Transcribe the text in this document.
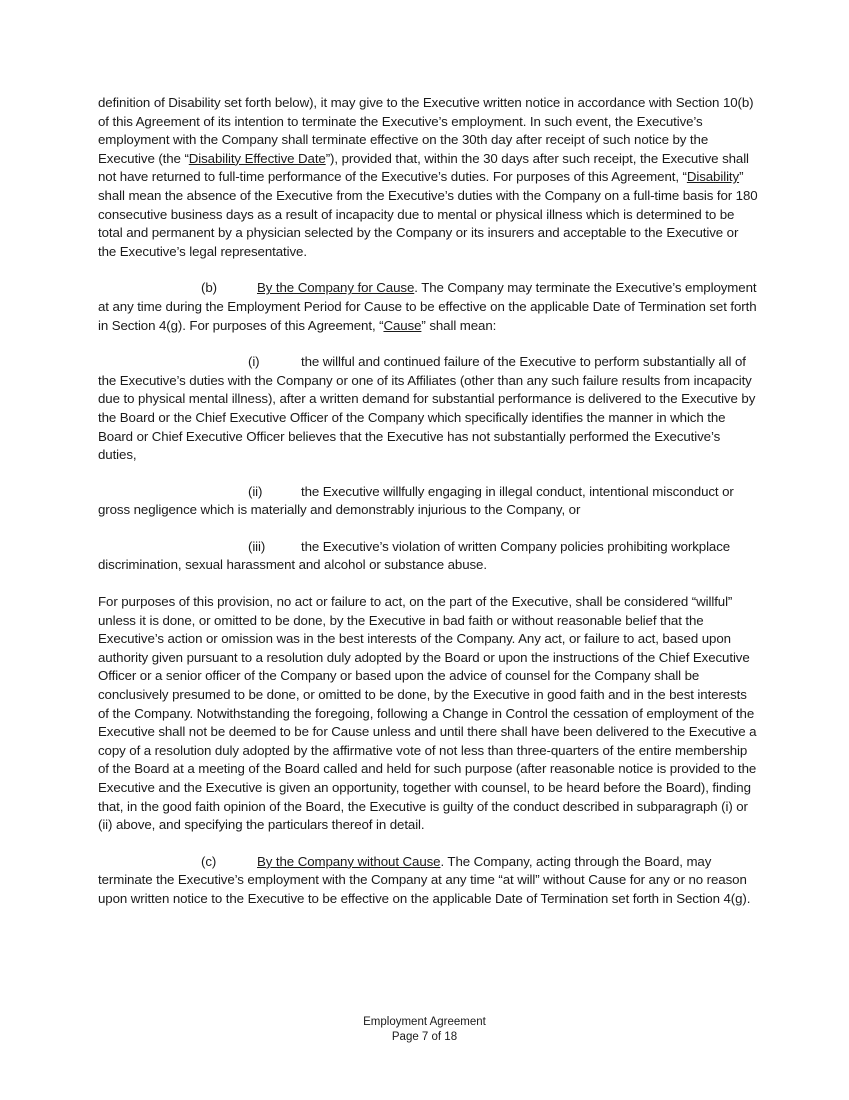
definition of Disability set forth below), it may give to the Executive written notice in accordance with Section 10(b) of this Agreement of its intention to terminate the Executive’s employment. In such event, the Executive’s employment with the Company shall terminate effective on the 30th day after receipt of such notice by the Executive (the “Disability Effective Date”), provided that, within the 30 days after such receipt, the Executive shall not have returned to full-time performance of the Executive’s duties. For purposes of this Agreement, “Disability” shall mean the absence of the Executive from the Executive’s duties with the Company on a full-time basis for 180 consecutive business days as a result of incapacity due to mental or physical illness which is determined to be total and permanent by a physician selected by the Company or its insurers and acceptable to the Executive or the Executive’s legal representative.

(b)	By the Company for Cause. The Company may terminate the Executive’s employment at any time during the Employment Period for Cause to be effective on the applicable Date of Termination set forth in Section 4(g). For purposes of this Agreement, “Cause” shall mean:

(i)	the willful and continued failure of the Executive to perform substantially all of the Executive’s duties with the Company or one of its Affiliates (other than any such failure results from incapacity due to physical mental illness), after a written demand for substantial performance is delivered to the Executive by the Board or the Chief Executive Officer of the Company which specifically identifies the manner in which the Board or Chief Executive Officer believes that the Executive has not substantially performed the Executive’s duties,

(ii)	the Executive willfully engaging in illegal conduct, intentional misconduct or gross negligence which is materially and demonstrably injurious to the Company, or

(iii)	the Executive’s violation of written Company policies prohibiting workplace discrimination, sexual harassment and alcohol or substance abuse.

For purposes of this provision, no act or failure to act, on the part of the Executive, shall be considered “willful” unless it is done, or omitted to be done, by the Executive in bad faith or without reasonable belief that the Executive’s action or omission was in the best interests of the Company. Any act, or failure to act, based upon authority given pursuant to a resolution duly adopted by the Board or upon the instructions of the Chief Executive Officer or a senior officer of the Company or based upon the advice of counsel for the Company shall be conclusively presumed to be done, or omitted to be done, by the Executive in good faith and in the best interests of the Company. Notwithstanding the foregoing, following a Change in Control the cessation of employment of the Executive shall not be deemed to be for Cause unless and until there shall have been delivered to the Executive a copy of a resolution duly adopted by the affirmative vote of not less than three-quarters of the entire membership of the Board at a meeting of the Board called and held for such purpose (after reasonable notice is provided to the Executive and the Executive is given an opportunity, together with counsel, to be heard before the Board), finding that, in the good faith opinion of the Board, the Executive is guilty of the conduct described in subparagraph (i) or (ii) above, and specifying the particulars thereof in detail.

(c)	By the Company without Cause. The Company, acting through the Board, may terminate the Executive’s employment with the Company at any time “at will” without Cause for any or no reason upon written notice to the Executive to be effective on the applicable Date of Termination set forth in Section 4(g).

Employment Agreement
Page 7 of 18
